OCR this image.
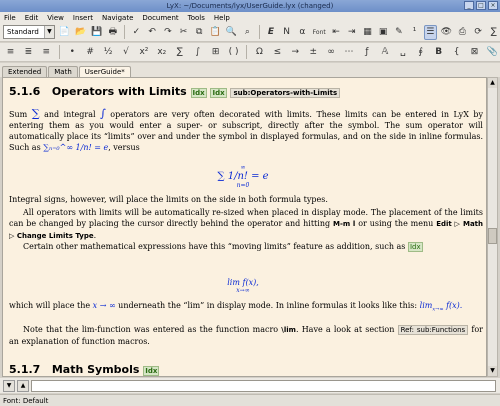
LyX: ~/Documents/lyx/UserGuide.lyx (changed)	_	□	×
File Edit View Insert Navigate Document Tools Help
Standard	▼ 📄 📂 💾 🖶 ✓ ↶ ↷ ✂ ⧉ 📋 🔍 ⌕	E	N	α	Font ⇤ ⇥ ▦ ▣ ✎	¹	☰ 👁 ⎙ ⟳ ∑
≡	≣	≡	•	#	½	√	x² x₂	∑	∫	⊞	( )	Ω	≤	→	±	∞	⋯	ƒ	𝔸	␣	∮	B	{	⊠ 📎
Extended	Math	UserGuide*
5.1.6 Operators with Limits Idx Idx sub:Operators-with-Limits
Sum ∑ and integral ∫ operators are very often decorated with limits. These limits can be entered in LyX by entering them as you would enter a super- or subscript, directly after the symbol. The sum operator will automatically place its “limits” over and under the symbol in displayed formulas, and on the side in inline formulas. Such as ∑ₙ₌₀^∞ 1/n! = e, versus
∞
∑ 1/n! = e
n=0
Integral signs, however, will place the limits on the side in both formula types.
All operators with limits will be automatically re-sized when placed in display mode. The placement of the limits can be changed by placing the cursor directly behind the operator and hitting M-m l or using the menu Edit ▷ Math ▷ Change Limits Type.
Certain other mathematical expressions have this “moving limits” feature as addition, such as Idx
lim f(x),
x→∞
which will place the x → ∞ underneath the “lim” in display mode. In inline formulas it looks like this: $\lim_{x\to\infty} f(x)$.
Note that the lim-function was entered as the function macro \lim. Have a look at section Ref: sub:Functions for an explanation of function macros.
5.1.7 Math Symbols Idx
▲
▼
▼	▲
Font: Default
